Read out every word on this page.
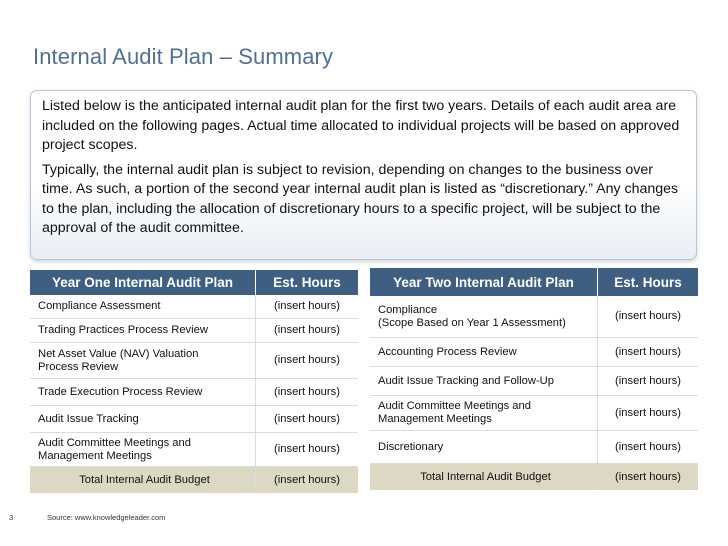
Internal Audit Plan – Summary

Listed below is the anticipated internal audit plan for the first two years. Details of each audit area are included on the following pages. Actual time allocated to individual projects will be based on approved project scopes.

Typically, the internal audit plan is subject to revision, depending on changes to the business over time. As such, a portion of the second year internal audit plan is listed as “discretionary.” Any changes to the plan, including the allocation of discretionary hours to a specific project, will be subject to the approval of the audit committee.

Year One Internal Audit Plan	Est. Hours
Compliance Assessment	(insert hours)
Trading Practices Process Review	(insert hours)
Net Asset Value (NAV) Valuation Process Review	(insert hours)
Trade Execution Process Review	(insert hours)
Audit Issue Tracking	(insert hours)
Audit Committee Meetings and Management Meetings	(insert hours)
Total Internal Audit Budget	(insert hours)
Year Two Internal Audit Plan	Est. Hours
Compliance
(Scope Based on Year 1 Assessment)	(insert hours)
Accounting Process Review	(insert hours)
Audit Issue Tracking and Follow-Up	(insert hours)
Audit Committee Meetings and Management Meetings	(insert hours)
Discretionary	(insert hours)
Total Internal Audit Budget	(insert hours)
3	Source: www.knowledgeleader.com
